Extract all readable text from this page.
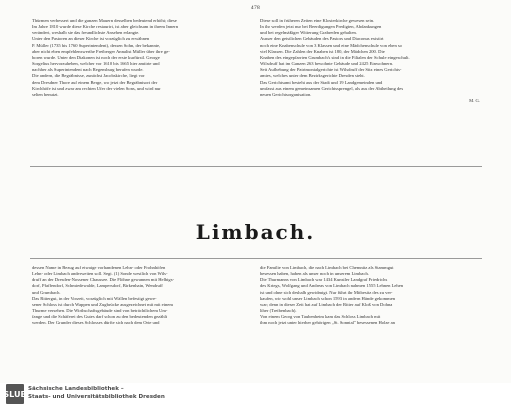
478
Thürmen verbessert und die ganzen Mauern desselben bedeutend erhöht; diese
Im Jahre 1810 wurde diese Kirche restaurirt, ist aber gleichsam in ihrem Innern
verändert, weshalb sie das freundlichste Ansehen erlangte.
Unter den Pastoren an dieser Kirche ist vorzüglich zu erwähnen
P. Müller (1735 bis 1760 Superintendent), dessen Sohn, der bekannte,
aber nicht eben empfehlenswerthe Freiberger Annalist Müller über ihre ge-
boren wurde. Unter den Diakonen ist noch der erste kurfürstl. George
Sorgelius hervorzuheben, welcher vor 1610 bis 1665 hier amtirte und
nachher als Superintendent nach Regensburg berufen wurde.
Die andern, die Begräbnisse, zunächst Jacobskirche, liegt vor
dem Dresdner Thore auf einem Berge, wo jetzt der Begräbnisort der
Kirchhöfe ist und zwar am rechten Ufer der vielen Sons, und wird nur
selten benutzt.
Diese soll in früheren Zeiten eine Klosterkirche gewesen sein.
In ihr werden jetzt nur bei Beerdigungen Predigten, Abdankungen
und bei regelmäßiger Witterung Grabreden gehalten.
Ausser den geistlichen Gebäuden des Pastors und Diaconus existirt
noch eine Knabenschule von 3 Klassen und eine Mädchenschule von eben so
viel Klassen. Die Zahlen der Knaben ist 180, der Mädchen 200. Die
Knaben des eingepfarrten Grumbach's sind in die Filialen der Schule eingeschult.
Wilsdruff hat im Ganzen 263 bewohnte Gebäude und 2425 Einwohnern.
Seit Aufhebung der Patrimonialgerichte ist Wilsdruff der Sitz eines Gerichts-
amtes, welches unter dem Bezirksgerichte Dresden steht.
Das Gerichtsamt besteht aus der Stadt und 19 Landgemeinden und
umfasst aus einem gemeinsamen Gerichtssprengel, als aus der Abtheilung des
neuen Gerichtsorganisation.
M. G.
Limbach.
dessen Name in Bezug auf etwaige vorhandenen Lehn- oder Frohnhöfen
Lehn- oder Limbach anderweiten soll. Segt. (1) Sonde westlich von Wils-
druff an der Dresden-Nossener Chaussee. Die Flöhne gewannen mit Helbigs-
dorf, Pfaffendorf, Schmiedewalde, Lampersdorf, Birkenhain, Wendruff
und Grumbach.
Das Rittergut, in der Vorzeit, vorzüglich mit Wällen befestigt gewe-
sener Schloss ist durch Wappen und Zugbrücke ausgezeichnet mit mit einem
Thurme versehen. Die Wirthschaftsgebäude sind von beträchtlichem Um-
fange und die Schäferei des Gutes darf schon zu den bedeutenden gezählt
werden. Der Grunder dieses Schlosses dürfte sich nach dem Orte und
die Familie von Limbach, die nach Limbach bei Chemnitz als Stammgut
besessen haben, haben als unser noch in unserem Limbach.
Die Thurmanns von Limbach war 1434 Kunstler Landgraf Friedrichs
des Kriegs, Wolfgang und Andreas von Limbach nahmen 1555 Lehnen Lehen
ist und ohne sich deshalb gewidmigt. Nur führt ihr Mitbesitz des zu ver-
kaufen, wir wohl unser Limbach schon 1593 in andern Hände gekommen
war; denn in dieser Zeit hat auf Limbach der Ritter auf Kloß von Dohna
liher (Treibenbach).
Von einem Georg von Taubenheim kam das Schloss Limbach mit
ihm noch jetzt unter hierher gehörigen „St. Sonntal" besessenen Holze an
SLUB
Sächsische Landesbibliothek –
Staats- und Universitätsbibliothek Dresden
